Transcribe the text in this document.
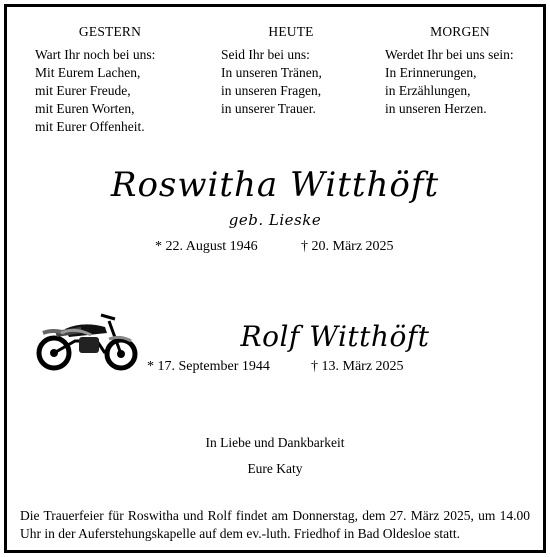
GESTERN
Wart Ihr noch bei uns:
Mit Eurem Lachen,
mit Eurer Freude,
mit Euren Worten,
mit Eurer Offenheit.
HEUTE
Seid Ihr bei uns:
In unseren Tränen,
in unseren Fragen,
in unserer Trauer.
MORGEN
Werdet Ihr bei uns sein:
In Erinnerungen,
in Erzählungen,
in unseren Herzen.
Roswitha Witthöft
geb. Lieske
* 22. August 1946	† 20. März 2025
Rolf Witthöft
* 17. September 1944	† 13. März 2025
In Liebe und Dankbarkeit
Eure Katy
Die Trauerfeier für Roswitha und Rolf findet am Donnerstag, dem 27. März 2025, um 14.00 Uhr in der Auferstehungskapelle auf dem ev.-luth. Friedhof in Bad Oldesloe statt.
